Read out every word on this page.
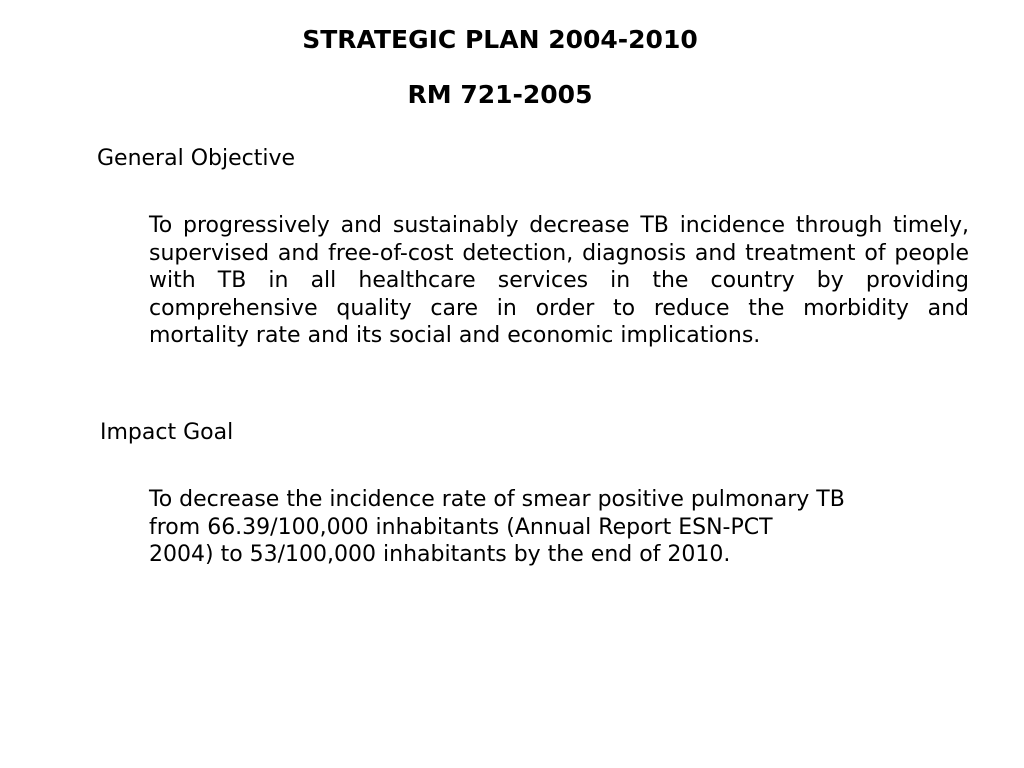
STRATEGIC PLAN 2004-2010
RM 721-2005
General Objective

To progressively and sustainably decrease TB incidence through timely, supervised and free-of-cost detection, diagnosis and treatment of people with TB in all healthcare services in the country by providing comprehensive quality care in order to reduce the morbidity and mortality rate and its social and economic implications.

Impact Goal

To decrease the incidence rate of smear positive pulmonary TB
from 66.39/100,000 inhabitants (Annual Report ESN-PCT
2004) to 53/100,000 inhabitants by the end of 2010.
